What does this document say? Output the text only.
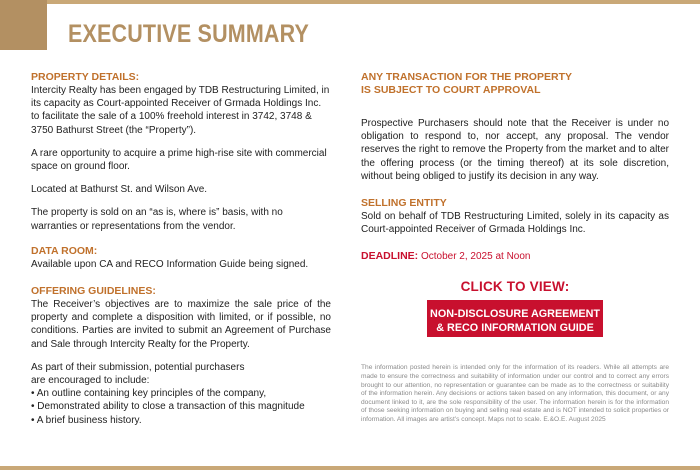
EXECUTIVE SUMMARY
PROPERTY DETAILS:

Intercity Realty has been engaged by TDB Restructuring Limited, in its capacity as Court-appointed Receiver of Grmada Holdings Inc. to facilitate the sale of a 100% freehold interest in 3742, 3748 & 3750 Bathurst Street (the “Property”).

A rare opportunity to acquire a prime high-rise site with commercial space on ground floor.

Located at Bathurst St. and Wilson Ave.

The property is sold on an “as is, where is” basis, with no warranties or representations from the vendor.

DATA ROOM:

Available upon CA and RECO Information Guide being signed.

OFFERING GUIDELINES:

The Receiver’s objectives are to maximize the sale price of the property and complete a disposition with limited, or if possible, no conditions. Parties are invited to submit an Agreement of Purchase and Sale through Intercity Realty for the Property.

As part of their submission, potential purchasers
are encouraged to include:

• An outline containing key principles of the company,
• Demonstrated ability to close a transaction of this magnitude
• A brief business history.
ANY TRANSACTION FOR THE PROPERTY
IS SUBJECT TO COURT APPROVAL

Prospective Purchasers should note that the Receiver is under no obligation to respond to, nor accept, any proposal. The vendor reserves the right to remove the Property from the market and to alter the offering process (or the timing thereof) at its sole discretion, without being obliged to justify its decision in any way.

SELLING ENTITY

Sold on behalf of TDB Restructuring Limited, solely in its capacity as Court-appointed Receiver of Grmada Holdings Inc.

DEADLINE: October 2, 2025 at Noon
CLICK TO VIEW:
NON-DISCLOSURE AGREEMENT
& RECO INFORMATION GUIDE

The information posted herein is intended only for the information of its readers. While all attempts are made to ensure the correctness and suitability of information under our control and to correct any errors brought to our attention, no representation or guarantee can be made as to the correctness or suitability of the information herein. Any decisions or actions taken based on any information, this document, or any document linked to it, are the sole responsibility of the user. The information herein is for the information of those seeking information on buying and selling real estate and is NOT intended to solicit properties or information. All images are artist’s concept. Maps not to scale. E.&O.E. August 2025
